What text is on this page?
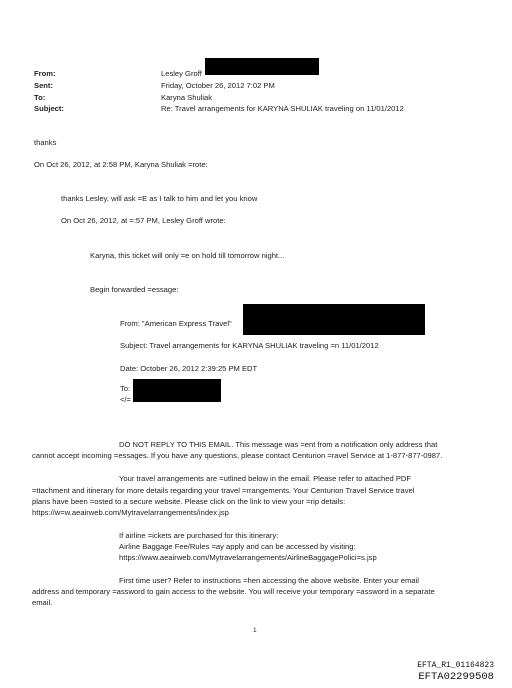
From:
Sent:
To:
Subject:
Lesley Groff
Friday, October 26, 2012 7:02 PM
Karyna Shuliak
Re: Travel arrangements for KARYNA SHULIAK traveling on 11/01/2012
thanks
On Oct 26, 2012, at 2:58 PM, Karyna Shuliak =rote:
thanks Lesley, will ask =E as I talk to him and let you know
On Oct 26, 2012, at =:57 PM, Lesley Groff wrote:
Karyna, this ticket will only =e on hold till tomorrow night...
Begin forwarded =essage:
From: "American Express Travel"
Subject: Travel arrangements for KARYNA SHULIAK traveling =n 11/01/2012
Date: October 26, 2012 2:39:25 PM EDT
To:
</=
DO NOT REPLY TO THIS EMAIL. This message was =ent from a notification only address that
cannot accept incoming =essages. If you have any questions, please contact Centurion =ravel Service at 1-877-877-0987.
Your travel arrangements are =utlined below in the email. Please refer to attached PDF
=ttachment and itinerary for more details regarding your travel =rrangements. Your Centurion Travel Service travel
plans have been =osted to a secure website. Please click on the link to view your =rip details:
https://w=w.aeairweb.com/Mytravelarrangements/index.jsp
If airline =ickets are purchased for this itinerary:
Airline Baggage Fee/Rules =ay apply and can be accessed by visiting:
https://www.aeairweb.com/Mytravelarrangements/AirlineBaggagePolici=s.jsp
First time user? Refer to instructions =hen accessing the above website. Enter your email
address and temporary =assword to gain access to the website. You will receive your temporary =assword in a separate
email.
1
EFTA_R1_01164823
EFTA02299508
